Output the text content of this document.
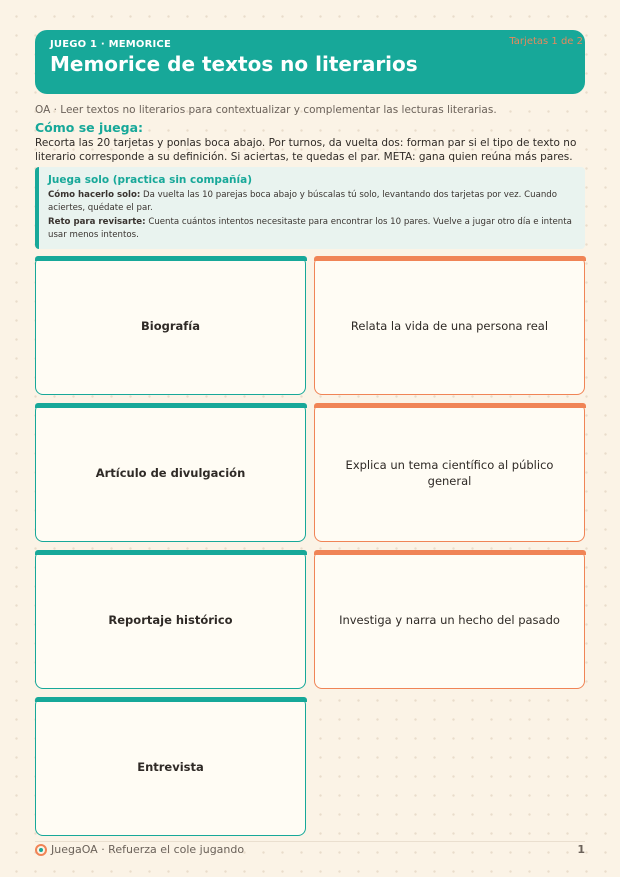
JUEGO 1 · MEMORICE
Memorice de textos no literarios
Tarjetas 1 de 2
OA · Leer textos no literarios para contextualizar y complementar las lecturas literarias.
Cómo se juega:
Recorta las 20 tarjetas y ponlas boca abajo. Por turnos, da vuelta dos: forman par si el tipo de texto no literario corresponde a su definición. Si aciertas, te quedas el par. META: gana quien reúna más pares.
Juega solo (practica sin compañía)
Cómo hacerlo solo: Da vuelta las 10 parejas boca abajo y búscalas tú solo, levantando dos tarjetas por vez. Cuando aciertes, quédate el par.
Reto para revisarte: Cuenta cuántos intentos necesitaste para encontrar los 10 pares. Vuelve a jugar otro día e intenta usar menos intentos.
Biografía	Relata la vida de una persona real
Artículo de divulgación
Explica un tema científico al público general
Reportaje histórico	Investiga y narra un hecho del pasado
Entrevista
JuegaOA · Refuerza el cole jugando	1
